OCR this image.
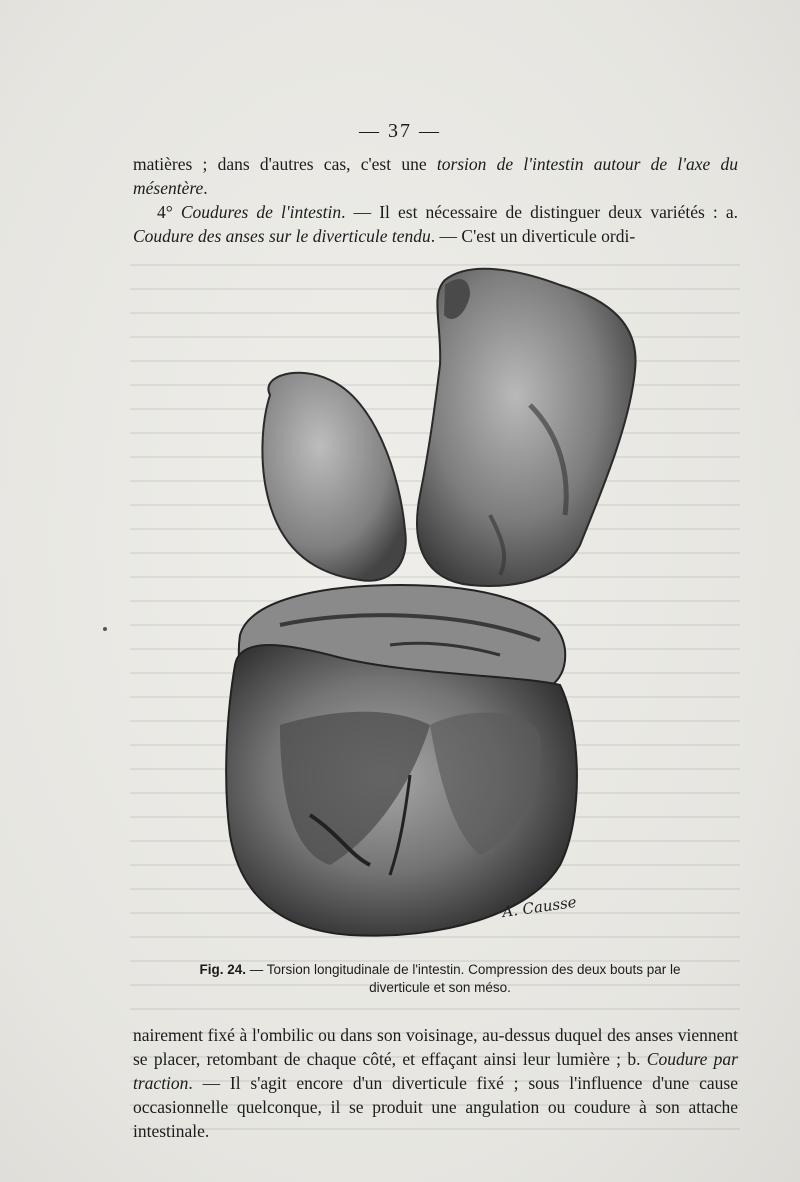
— 37 —

matières ; dans d'autres cas, c'est une torsion de l'intestin autour de l'axe du mésentère.

4° Coudures de l'intestin. — Il est nécessaire de distinguer deux variétés : a. Coudure des anses sur le diverticule tendu. — C'est un diverticule ordi-

A. Causse
Fig. 24. — Torsion longitudinale de l'intestin. Compression des deux bouts par le diverticule et son méso.

nairement fixé à l'ombilic ou dans son voisinage, au-dessus duquel des anses viennent se placer, retombant de chaque côté, et effaçant ainsi leur lumière ; b. Coudure par traction. — Il s'agit encore d'un diverticule fixé ; sous l'influence d'une cause occasionnelle quelconque, il se produit une angulation ou coudure à son attache intestinale.
